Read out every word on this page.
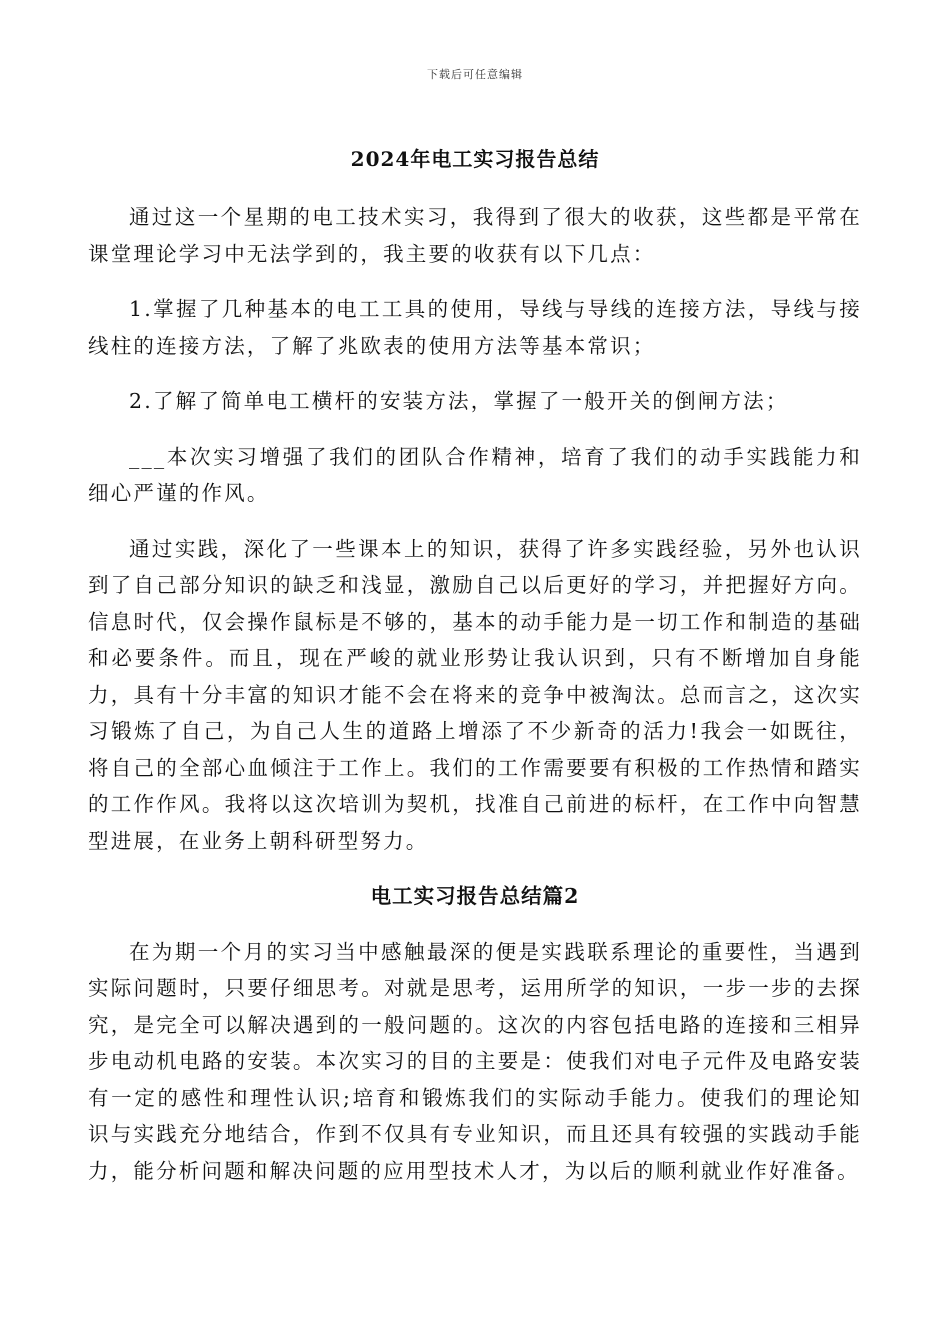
下载后可任意编辑
2024年电工实习报告总结

通过这一个星期的电工技术实习，我得到了很大的收获，这些都是平常在课堂理论学习中无法学到的，我主要的收获有以下几点：

1.掌握了几种基本的电工工具的使用，导线与导线的连接方法，导线与接线柱的连接方法，了解了兆欧表的使用方法等基本常识；

2.了解了简单电工横杆的安装方法，掌握了一般开关的倒闸方法；

___本次实习增强了我们的团队合作精神，培育了我们的动手实践能力和细心严谨的作风。

通过实践，深化了一些课本上的知识，获得了许多实践经验，另外也认识到了自己部分知识的缺乏和浅显，激励自己以后更好的学习，并把握好方向。信息时代，仅会操作鼠标是不够的，基本的动手能力是一切工作和制造的基础和必要条件。而且，现在严峻的就业形势让我认识到，只有不断增加自身能力，具有十分丰富的知识才能不会在将来的竞争中被淘汰。总而言之，这次实习锻炼了自己，为自己人生的道路上增添了不少新奇的活力!我会一如既往，将自己的全部心血倾注于工作上。我们的工作需要要有积极的工作热情和踏实的工作作风。我将以这次培训为契机，找准自己前进的标杆，在工作中向智慧型进展，在业务上朝科研型努力。

电工实习报告总结篇2

在为期一个月的实习当中感触最深的便是实践联系理论的重要性，当遇到实际问题时，只要仔细思考。对就是思考，运用所学的知识，一步一步的去探究，是完全可以解决遇到的一般问题的。这次的内容包括电路的连接和三相异步电动机电路的安装。本次实习的目的主要是：使我们对电子元件及电路安装有一定的感性和理性认识;培育和锻炼我们的实际动手能力。使我们的理论知识与实践充分地结合，作到不仅具有专业知识，而且还具有较强的实践动手能力，能分析问题和解决问题的应用型技术人才，为以后的顺利就业作好准备。
